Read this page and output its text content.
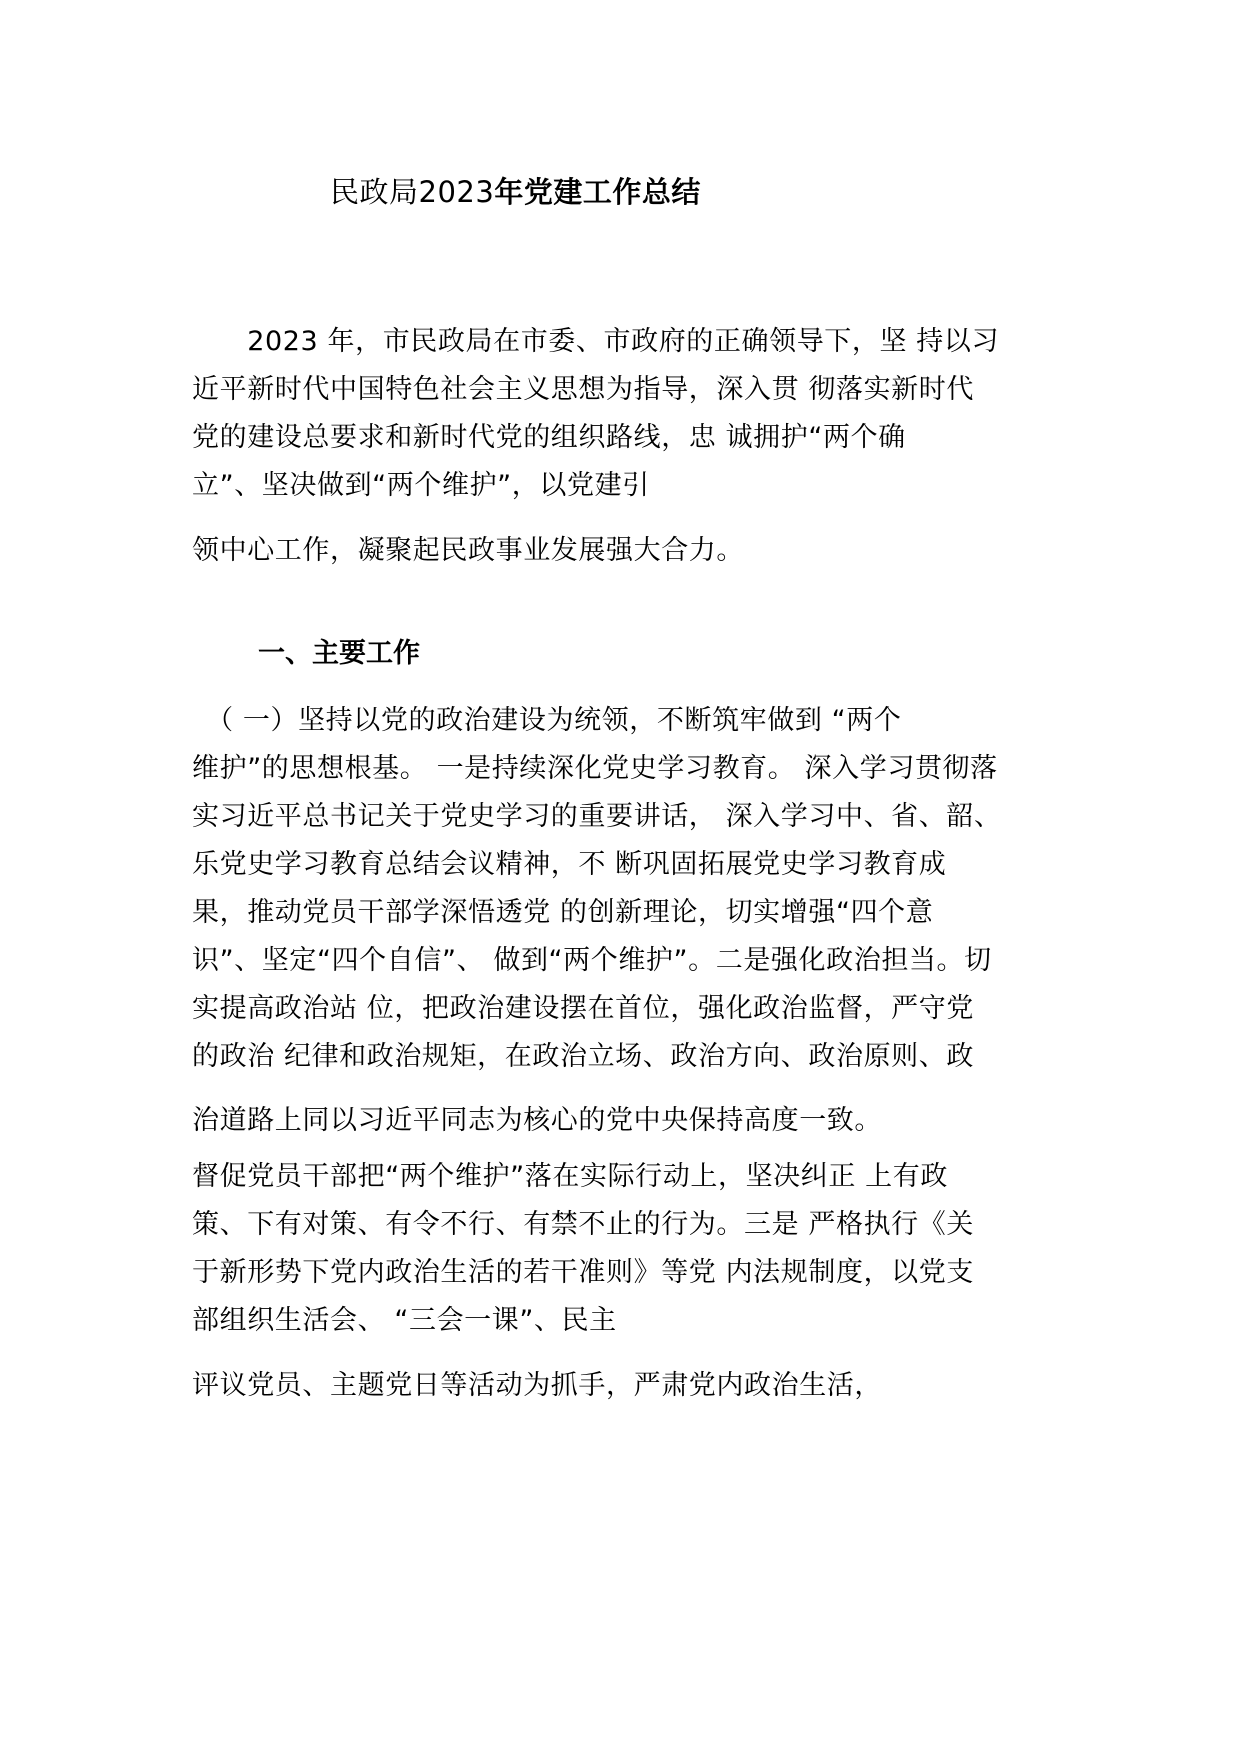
民政局2023年党建工作总结
　　2023 年，市民政局在市委、市政府的正确领导下，坚 持以习
近平新时代中国特色社会主义思想为指导，深入贯 彻落实新时代
党的建设总要求和新时代党的组织路线，忠 诚拥护“两个确
立”、坚决做到“两个维护”，以党建引
领中心工作，凝聚起民政事业发展强大合力。
一、主要工作
　（ 一）坚持以党的政治建设为统领，不断筑牢做到 “两个
维护”的思想根基。 一是持续深化党史学习教育。 深入学习贯彻落
实习近平总书记关于党史学习的重要讲话， 深入学习中、省、韶、
乐党史学习教育总结会议精神，不 断巩固拓展党史学习教育成
果，推动党员干部学深悟透党 的创新理论，切实增强“四个意
识”、坚定“四个自信”、 做到“两个维护”。二是强化政治担当。切
实提高政治站 位，把政治建设摆在首位，强化政治监督，严守党
的政治 纪律和政治规矩，在政治立场、政治方向、政治原则、政
治道路上同以习近平同志为核心的党中央保持高度一致。
督促党员干部把“两个维护”落在实际行动上，坚决纠正 上有政
策、下有对策、有令不行、有禁不止的行为。三是 严格执行《关
于新形势下党内政治生活的若干准则》等党 内法规制度，以党支
部组织生活会、 “三会一课”、民主
评议党员、主题党日等活动为抓手，严肃党内政治生活，
